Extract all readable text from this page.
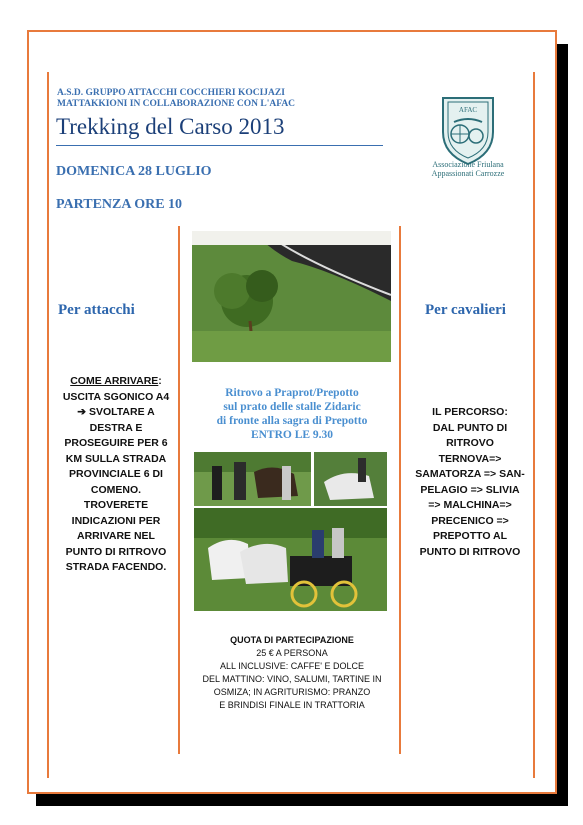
A.S.D. GRUPPO ATTACCHI COCCHIERI KOCIJAZI
MATTAKKIONI IN COLLABORAZIONE CON L'AFAC
Trekking del Carso 2013
DOMENICA 28 LUGLIO
PARTENZA ORE 10
AFAC
Associazione Friulana
Appassionati Carrozze
Per attacchi	Per cavalieri
COME ARRIVARE:
USCITA SGONICO A4
➔ SVOLTARE A
DESTRA E
PROSEGUIRE PER 6
KM SULLA STRADA
PROVINCIALE 6 DI
COMENO.
TROVERETE
INDICAZIONI PER
ARRIVARE NEL
PUNTO DI RITROVO
STRADA FACENDO.
Ritrovo a Praprot/Prepotto
sul prato delle stalle Zidaric
di fronte alla sagra di Prepotto
ENTRO LE 9.30
QUOTA DI PARTECIPAZIONE
25 € A PERSONA
ALL INCLUSIVE: CAFFE' E DOLCE
DEL MATTINO: VINO, SALUMI, TARTINE IN
OSMIZA; IN AGRITURISMO: PRANZO
E BRINDISI FINALE IN TRATTORIA
IL PERCORSO:
DAL PUNTO DI
RITROVO
TERNOVA=>
SAMATORZA => SAN-
PELAGIO => SLIVIA
=> MALCHINA=>
PRECENICO =>
PREPOTTO AL
PUNTO DI RITROVO
